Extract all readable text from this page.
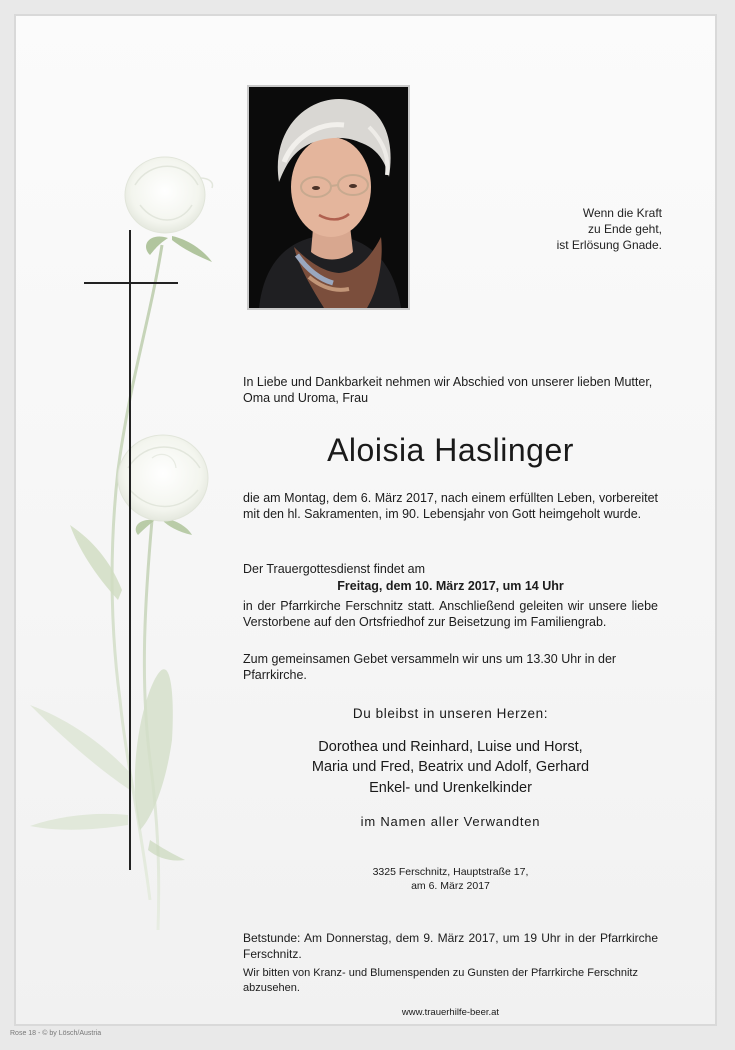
Wenn die Kraft
zu Ende geht,
ist Erlösung Gnade.
In Liebe und Dankbarkeit nehmen wir Abschied von unserer lieben Mutter, Oma und Uroma, Frau
Aloisia Haslinger
die am Montag, dem 6. März 2017, nach einem erfüllten Leben, vorbereitet mit den hl. Sakramenten, im 90. Lebensjahr von Gott heimgeholt wurde.
Der Trauergottesdienst findet am
Freitag, dem 10. März 2017, um 14 Uhr
in der Pfarrkirche Ferschnitz statt. Anschließend geleiten wir unsere liebe Verstorbene auf den Ortsfriedhof zur Beisetzung im Familiengrab.
Zum gemeinsamen Gebet versammeln wir uns um 13.30 Uhr in der Pfarrkirche.
Du bleibst in unseren Herzen:
Dorothea und Reinhard, Luise und Horst,
Maria und Fred, Beatrix und Adolf, Gerhard
Enkel- und Urenkelkinder
im Namen aller Verwandten
3325 Ferschnitz, Hauptstraße 17,
am 6. März 2017
Betstunde: Am Donnerstag, dem 9. März 2017, um 19 Uhr in der Pfarrkirche Ferschnitz.
Wir bitten von Kranz- und Blumenspenden zu Gunsten der Pfarrkirche Ferschnitz abzusehen.
www.trauerhilfe-beer.at
Rose 18 - © by Lösch/Austria
